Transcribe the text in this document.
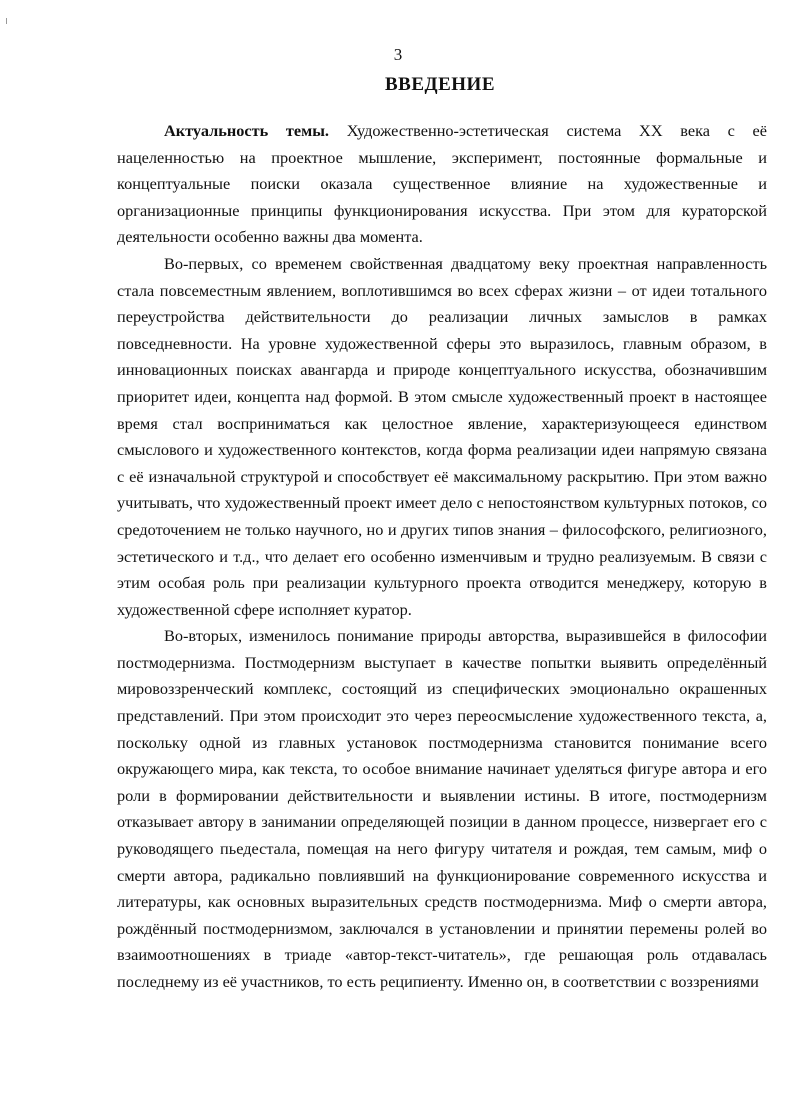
3
ВВЕДЕНИЕ

Актуальность темы. Художественно-эстетическая система XX века с её нацеленностью на проектное мышление, эксперимент, постоянные формальные и концептуальные поиски оказала существенное влияние на художественные и организационные принципы функционирования искусства. При этом для кураторской деятельности особенно важны два момента.

Во-первых, со временем свойственная двадцатому веку проектная направленность стала повсеместным явлением, воплотившимся во всех сферах жизни – от идеи тотального переустройства действительности до реализации личных замыслов в рамках повседневности. На уровне художественной сферы это выразилось, главным образом, в инновационных поисках авангарда и природе концептуального искусства, обозначившим приоритет идеи, концепта над формой. В этом смысле художественный проект в настоящее время стал восприниматься как целостное явление, характеризующееся единством смыслового и художественного контекстов, когда форма реализации идеи напрямую связана с её изначальной структурой и способствует её максимальному раскрытию. При этом важно учитывать, что художественный проект имеет дело с непостоянством культурных потоков, со средоточением не только научного, но и других типов знания – философского, религиозного, эстетического и т.д., что делает его особенно изменчивым и трудно реализуемым. В связи с этим особая роль при реализации культурного проекта отводится менеджеру, которую в художественной сфере исполняет куратор.

Во-вторых, изменилось понимание природы авторства, выразившейся в философии постмодернизма. Постмодернизм выступает в качестве попытки выявить определённый мировоззренческий комплекс, состоящий из специфических эмоционально окрашенных представлений. При этом происходит это через переосмысление художественного текста, а, поскольку одной из главных установок постмодернизма становится понимание всего окружающего мира, как текста, то особое внимание начинает уделяться фигуре автора и его роли в формировании действительности и выявлении истины. В итоге, постмодернизм отказывает автору в занимании определяющей позиции в данном процессе, низвергает его с руководящего пьедестала, помещая на него фигуру читателя и рождая, тем самым, миф о смерти автора, радикально повлиявший на функционирование современного искусства и литературы, как основных выразительных средств постмодернизма. Миф о смерти автора, рождённый постмодернизмом, заключался в установлении и принятии перемены ролей во взаимоотношениях в триаде «автор-текст-читатель», где решающая роль отдавалась последнему из её участников, то есть реципиенту. Именно он, в соответствии с воззрениями
